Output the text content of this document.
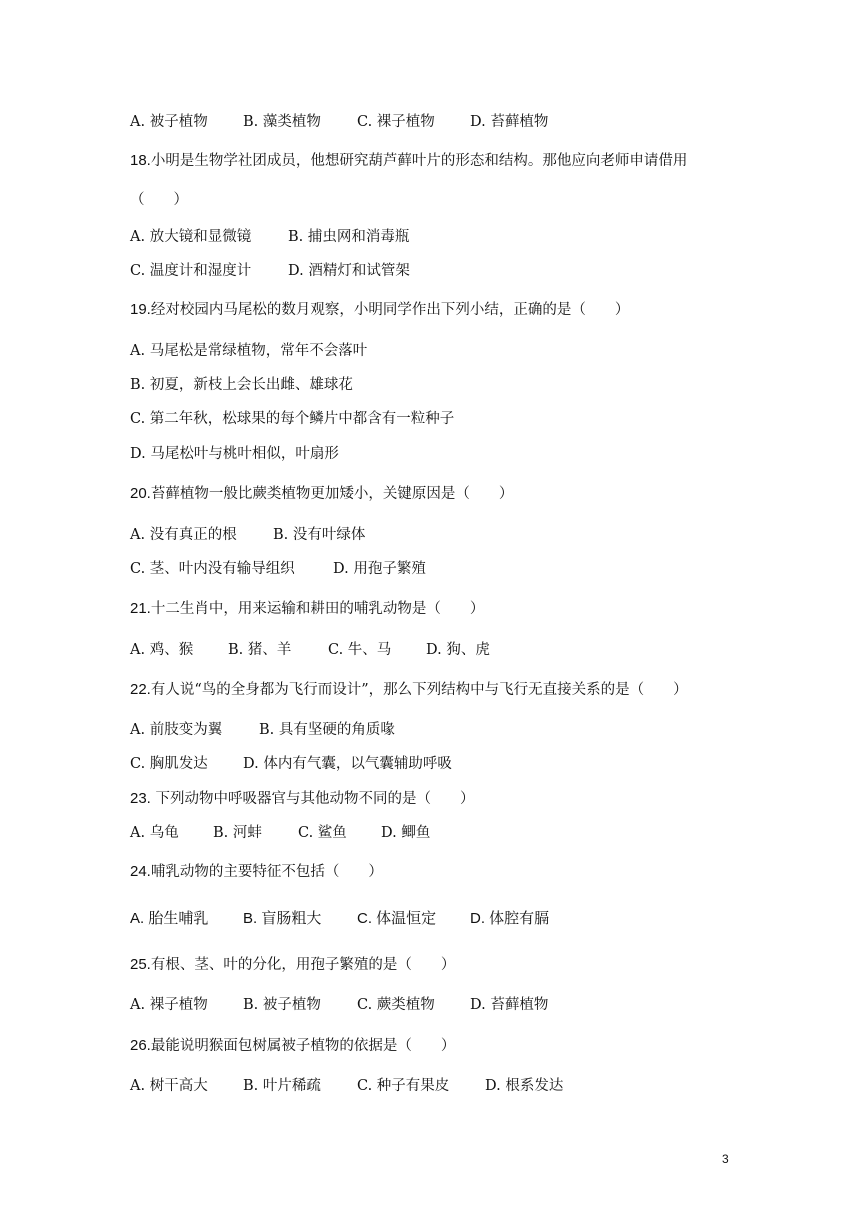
A. 被子植物 B. 藻类植物 C. 裸子植物 D. 苔藓植物
18.小明是生物学社团成员，他想研究葫芦藓叶片的形态和结构。那他应向老师申请借用
（　　）
A. 放大镜和显微镜	B. 捕虫网和消毒瓶
C. 温度计和湿度计	D. 酒精灯和试管架
19.经对校园内马尾松的数月观察，小明同学作出下列小结，正确的是（　　）
A. 马尾松是常绿植物，常年不会落叶
B. 初夏，新枝上会长出雌、雄球花
C. 第二年秋，松球果的每个鳞片中都含有一粒种子
D. 马尾松叶与桃叶相似，叶扇形
20.苔藓植物一般比蕨类植物更加矮小，关键原因是（　　）
A. 没有真正的根	B. 没有叶绿体
C. 茎、叶内没有输导组织	D. 用孢子繁殖
21.十二生肖中，用来运输和耕田的哺乳动物是（　　）
A. 鸡、猴 B. 猪、羊	C. 牛、马 D. 狗、虎
22.有人说“鸟的全身都为飞行而设计”，那么下列结构中与飞行无直接关系的是（　　）
A. 前肢变为翼	B. 具有坚硬的角质喙
C. 胸肌发达 D. 体内有气囊，以气囊辅助呼吸
23. 下列动物中呼吸器官与其他动物不同的是（　　）
A. 乌龟 B. 河蚌 C. 鲨鱼 D. 鲫鱼
24.哺乳动物的主要特征不包括（　　）
A. 胎生哺乳 B. 盲肠粗大 C. 体温恒定 D. 体腔有膈
25.有根、茎、叶的分化，用孢子繁殖的是（　　）
A. 裸子植物 B. 被子植物 C. 蕨类植物 D. 苔藓植物
26.最能说明猴面包树属被子植物的依据是（　　）
A. 树干高大 B. 叶片稀疏 C. 种子有果皮 D. 根系发达
3
